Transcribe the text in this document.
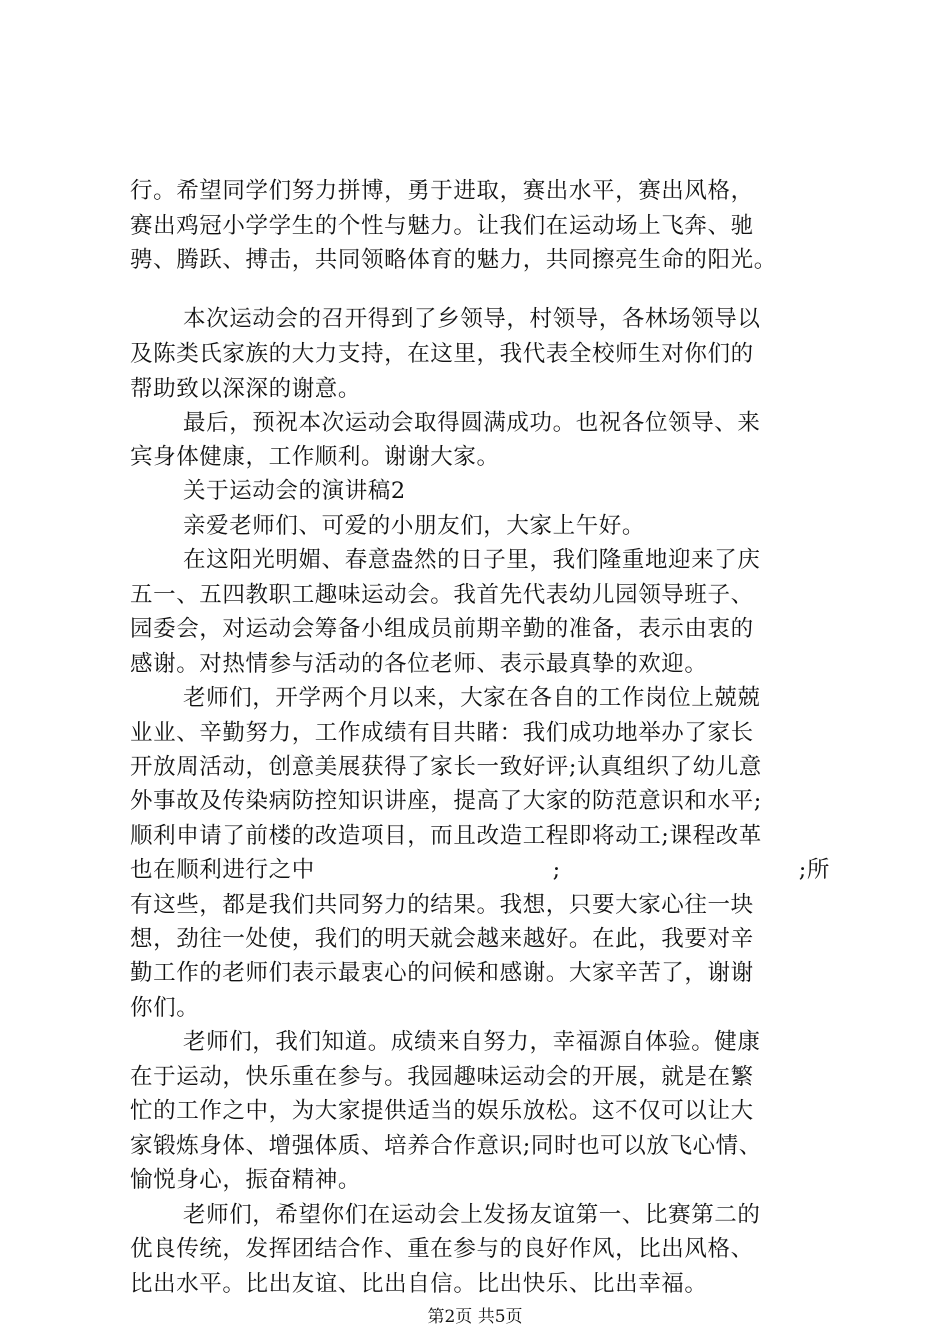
行。希望同学们努力拼博，勇于进取，赛出水平，赛出风格，
赛出鸡冠小学学生的个性与魅力。让我们在运动场上飞奔、驰
骋、腾跃、搏击，共同领略体育的魅力，共同擦亮生命的阳光。
本次运动会的召开得到了乡领导，村领导，各林场领导以
及陈类氏家族的大力支持，在这里，我代表全校师生对你们的
帮助致以深深的谢意。
最后，预祝本次运动会取得圆满成功。也祝各位领导、来
宾身体健康，工作顺利。谢谢大家。
关于运动会的演讲稿2
亲爱老师们、可爱的小朋友们，大家上午好。
在这阳光明媚、春意盎然的日子里，我们隆重地迎来了庆
五一、五四教职工趣味运动会。我首先代表幼儿园领导班子、
园委会，对运动会筹备小组成员前期辛勤的准备，表示由衷的
感谢。对热情参与活动的各位老师、表示最真挚的欢迎。
老师们，开学两个月以来，大家在各自的工作岗位上兢兢
业业、辛勤努力，工作成绩有目共睹：我们成功地举办了家长
开放周活动，创意美展获得了家长一致好评;认真组织了幼儿意
外事故及传染病防控知识讲座，提高了大家的防范意识和水平;
顺利申请了前楼的改造项目，而且改造工程即将动工;课程改革
也在顺利进行之中	;	;所
有这些，都是我们共同努力的结果。我想，只要大家心往一块
想，劲往一处使，我们的明天就会越来越好。在此，我要对辛
勤工作的老师们表示最衷心的问候和感谢。大家辛苦了，谢谢
你们。
老师们，我们知道。成绩来自努力，幸福源自体验。健康
在于运动，快乐重在参与。我园趣味运动会的开展，就是在繁
忙的工作之中，为大家提供适当的娱乐放松。这不仅可以让大
家锻炼身体、增强体质、培养合作意识;同时也可以放飞心情、
愉悦身心，振奋精神。
老师们，希望你们在运动会上发扬友谊第一、比赛第二的
优良传统，发挥团结合作、重在参与的良好作风，比出风格、
比出水平。比出友谊、比出自信。比出快乐、比出幸福。
第2页 共5页
